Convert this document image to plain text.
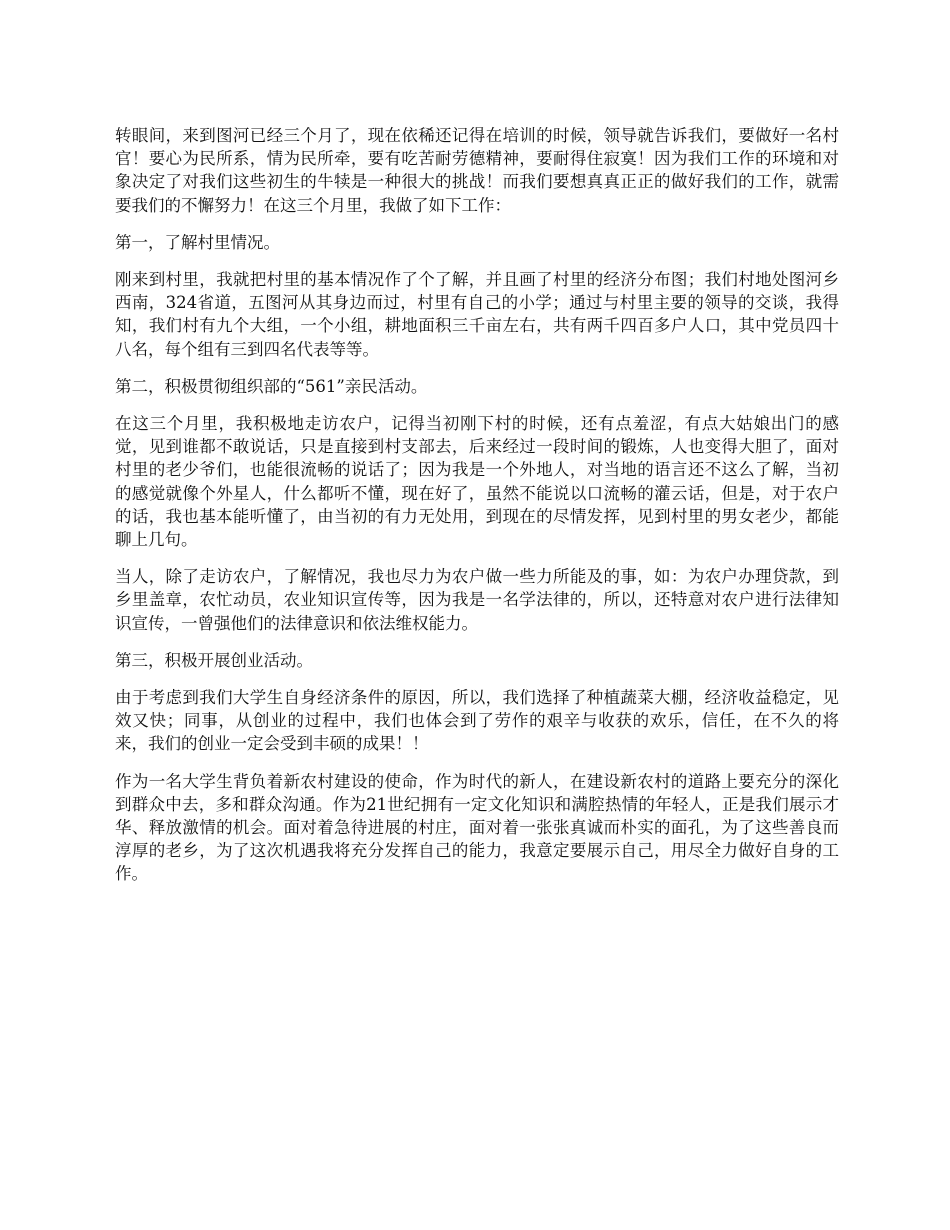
转眼间，来到图河已经三个月了，现在依稀还记得在培训的时候，领导就告诉我们，要做好一名村官！要心为民所系，情为民所牵，要有吃苦耐劳德精神，要耐得住寂寞！因为我们工作的环境和对象决定了对我们这些初生的牛犊是一种很大的挑战！而我们要想真真正正的做好我们的工作，就需要我们的不懈努力！在这三个月里，我做了如下工作：

第一，了解村里情况。

刚来到村里，我就把村里的基本情况作了个了解，并且画了村里的经济分布图；我们村地处图河乡西南，324省道，五图河从其身边而过，村里有自己的小学；通过与村里主要的领导的交谈，我得知，我们村有九个大组，一个小组，耕地面积三千亩左右，共有两千四百多户人口，其中党员四十八名，每个组有三到四名代表等等。

第二，积极贯彻组织部的“561”亲民活动。

在这三个月里，我积极地走访农户，记得当初刚下村的时候，还有点羞涩，有点大姑娘出门的感觉，见到谁都不敢说话，只是直接到村支部去，后来经过一段时间的锻炼，人也变得大胆了，面对村里的老少爷们，也能很流畅的说话了；因为我是一个外地人，对当地的语言还不这么了解，当初的感觉就像个外星人，什么都听不懂，现在好了，虽然不能说以口流畅的灌云话，但是，对于农户的话，我也基本能听懂了，由当初的有力无处用，到现在的尽情发挥，见到村里的男女老少，都能聊上几句。

当人，除了走访农户，了解情况，我也尽力为农户做一些力所能及的事，如：为农户办理贷款，到乡里盖章，农忙动员，农业知识宣传等，因为我是一名学法律的，所以，还特意对农户进行法律知识宣传，一曾强他们的法律意识和依法维权能力。

第三，积极开展创业活动。

由于考虑到我们大学生自身经济条件的原因，所以，我们选择了种植蔬菜大棚，经济收益稳定，见效又快；同事，从创业的过程中，我们也体会到了劳作的艰辛与收获的欢乐，信任，在不久的将来，我们的创业一定会受到丰硕的成果！！

作为一名大学生背负着新农村建设的使命，作为时代的新人，在建设新农村的道路上要充分的深化到群众中去，多和群众沟通。作为21世纪拥有一定文化知识和满腔热情的年轻人，正是我们展示才华、释放激情的机会。面对着急待进展的村庄，面对着一张张真诚而朴实的面孔，为了这些善良而淳厚的老乡，为了这次机遇我将充分发挥自己的能力，我意定要展示自己，用尽全力做好自身的工作。
